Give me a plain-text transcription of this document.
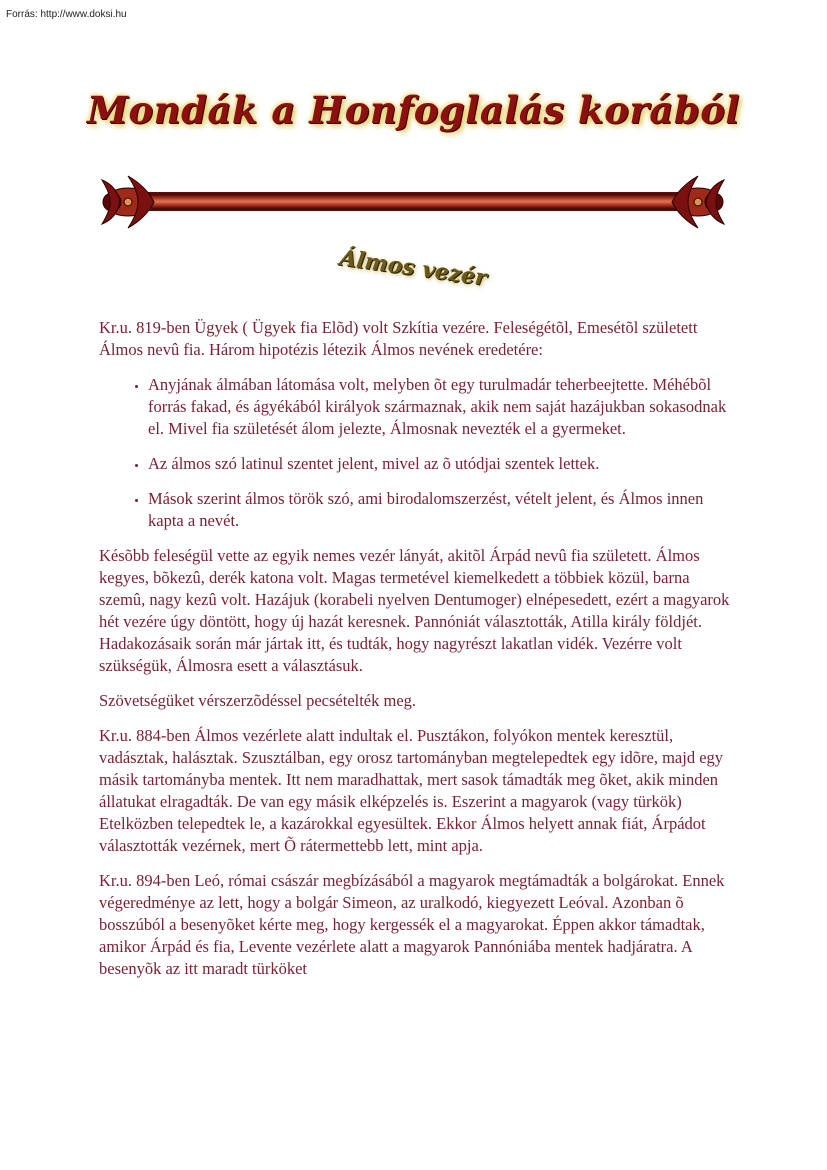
Forrás: http://www.doksi.hu
Mondák a Honfoglalás korából
Álmos vezér

Kr.u. 819-ben Ügyek ( Ügyek fia Elõd) volt Szkítia vezére. Feleségétõl, Emesétõl született Álmos nevû fia. Három hipotézis létezik Álmos nevének eredetére:

• Anyjának álmában látomása volt, melyben õt egy turulmadár teherbeejtette. Méhébõl forrás fakad, és ágyékából királyok származnak, akik nem saját hazájukban sokasodnak el. Mivel fia születését álom jelezte, Álmosnak nevezték el a gyermeket.
• Az álmos szó latinul szentet jelent, mivel az õ utódjai szentek lettek.
• Mások szerint álmos török szó, ami birodalomszerzést, vételt jelent, és Álmos innen kapta a nevét.

Késõbb feleségül vette az egyik nemes vezér lányát, akitõl Árpád nevû fia született. Álmos kegyes, bõkezû, derék katona volt. Magas termetével kiemelkedett a többiek közül, barna szemû, nagy kezû volt. Hazájuk (korabeli nyelven Dentumoger) elnépesedett, ezért a magyarok hét vezére úgy döntött, hogy új hazát keresnek. Pannóniát választották, Atilla király földjét. Hadakozásaik során már jártak itt, és tudták, hogy nagyrészt lakatlan vidék. Vezérre volt szükségük, Álmosra esett a választásuk.

Szövetségüket vérszerzõdéssel pecsételték meg.

Kr.u. 884-ben Álmos vezérlete alatt indultak el. Pusztákon, folyókon mentek keresztül, vadásztak, halásztak. Szusztálban, egy orosz tartományban megtelepedtek egy idõre, majd egy másik tartományba mentek. Itt nem maradhattak, mert sasok támadták meg õket, akik minden állatukat elragadták. De van egy másik elképzelés is. Eszerint a magyarok (vagy türkök) Etelközben telepedtek le, a kazárokkal egyesültek. Ekkor Álmos helyett annak fiát, Árpádot választották vezérnek, mert Õ rátermettebb lett, mint apja.

Kr.u. 894-ben Leó, római császár megbízásából a magyarok megtámadták a bolgárokat. Ennek végeredménye az lett, hogy a bolgár Simeon, az uralkodó, kiegyezett Leóval. Azonban õ bosszúból a besenyõket kérte meg, hogy kergessék el a magyarokat. Éppen akkor támadtak, amikor Árpád és fia, Levente vezérlete alatt a magyarok Pannóniába mentek hadjáratra. A besenyõk az itt maradt türköket
